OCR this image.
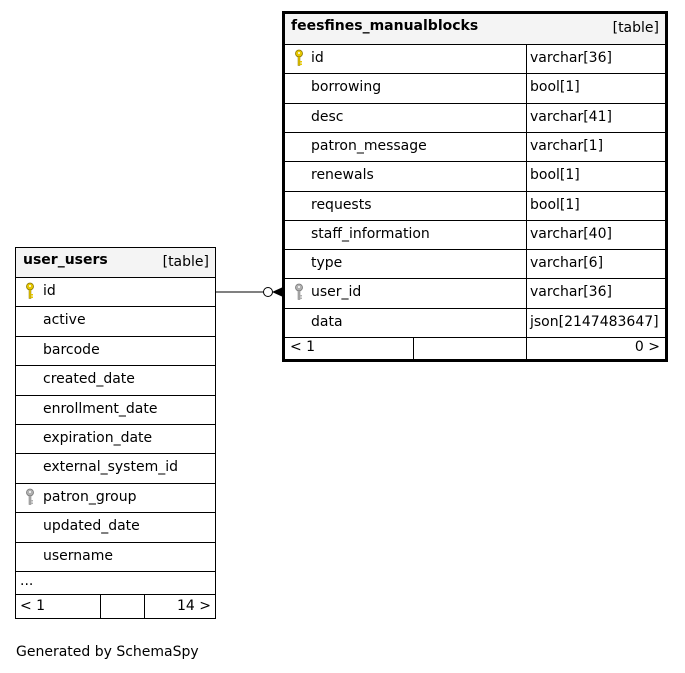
feesfines_manualblocks	[table]
id	varchar[36]
borrowing	bool[1]
desc	varchar[41]
patron_message	varchar[1]
renewals	bool[1]
requests	bool[1]
staff_information	varchar[40]
type	varchar[6]
user_id	varchar[36]
data	json[2147483647]
< 1	0 >
user_users	[table]
id
active
barcode
created_date
enrollment_date
expiration_date
external_system_id
patron_group
updated_date
username
...
< 1	14 >
Generated by SchemaSpy
